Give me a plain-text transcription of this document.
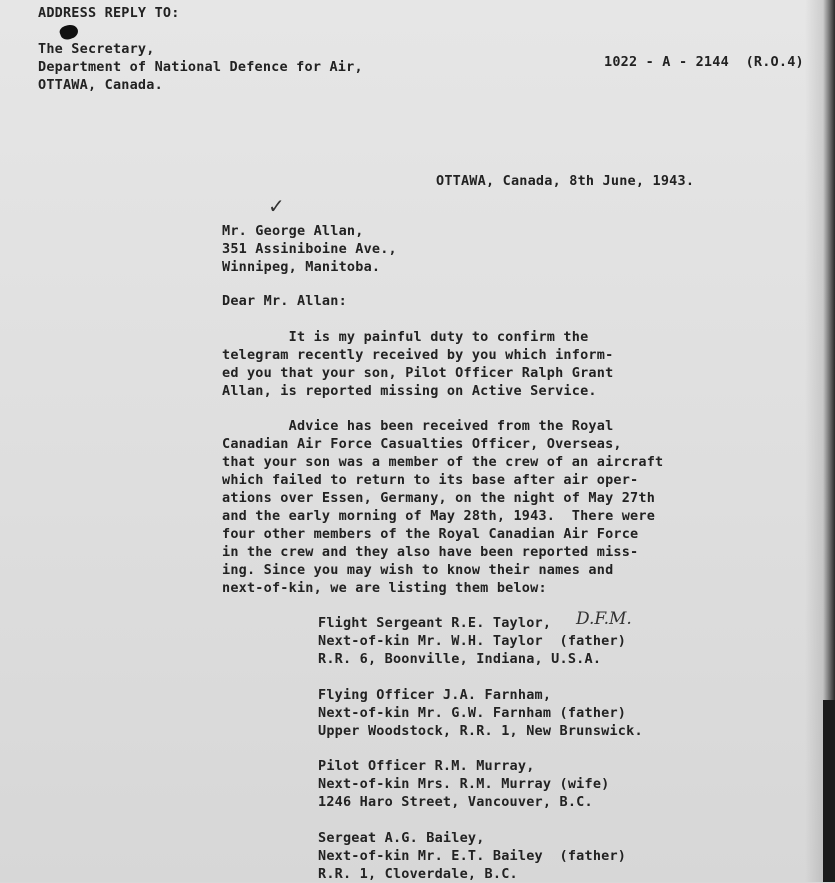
ADDRESS REPLY TO:
The Secretary,
Department of National Defence for Air,
OTTAWA, Canada.
1022 - A - 2144  (R.O.4)
OTTAWA, Canada, 8th June, 1943.
✓
Mr. George Allan,
351 Assiniboine Ave.,
Winnipeg, Manitoba.
Dear Mr. Allan:
It is my painful duty to confirm the
telegram recently received by you which inform-
ed you that your son, Pilot Officer Ralph Grant
Allan, is reported missing on Active Service.
Advice has been received from the Royal
Canadian Air Force Casualties Officer, Overseas,
that your son was a member of the crew of an aircraft
which failed to return to its base after air oper-
ations over Essen, Germany, on the night of May 27th
and the early morning of May 28th, 1943.  There were
four other members of the Royal Canadian Air Force
in the crew and they also have been reported miss-
ing. Since you may wish to know their names and
next-of-kin, we are listing them below:
Flight Sergeant R.E. Taylor, D.F.M.
Next-of-kin Mr. W.H. Taylor  (father)
R.R. 6, Boonville, Indiana, U.S.A.
Flying Officer J.A. Farnham,
Next-of-kin Mr. G.W. Farnham (father)
Upper Woodstock, R.R. 1, New Brunswick.
Pilot Officer R.M. Murray,
Next-of-kin Mrs. R.M. Murray (wife)
1246 Haro Street, Vancouver, B.C.
Sergeat A.G. Bailey,
Next-of-kin Mr. E.T. Bailey  (father)
R.R. 1, Cloverdale, B.C.
